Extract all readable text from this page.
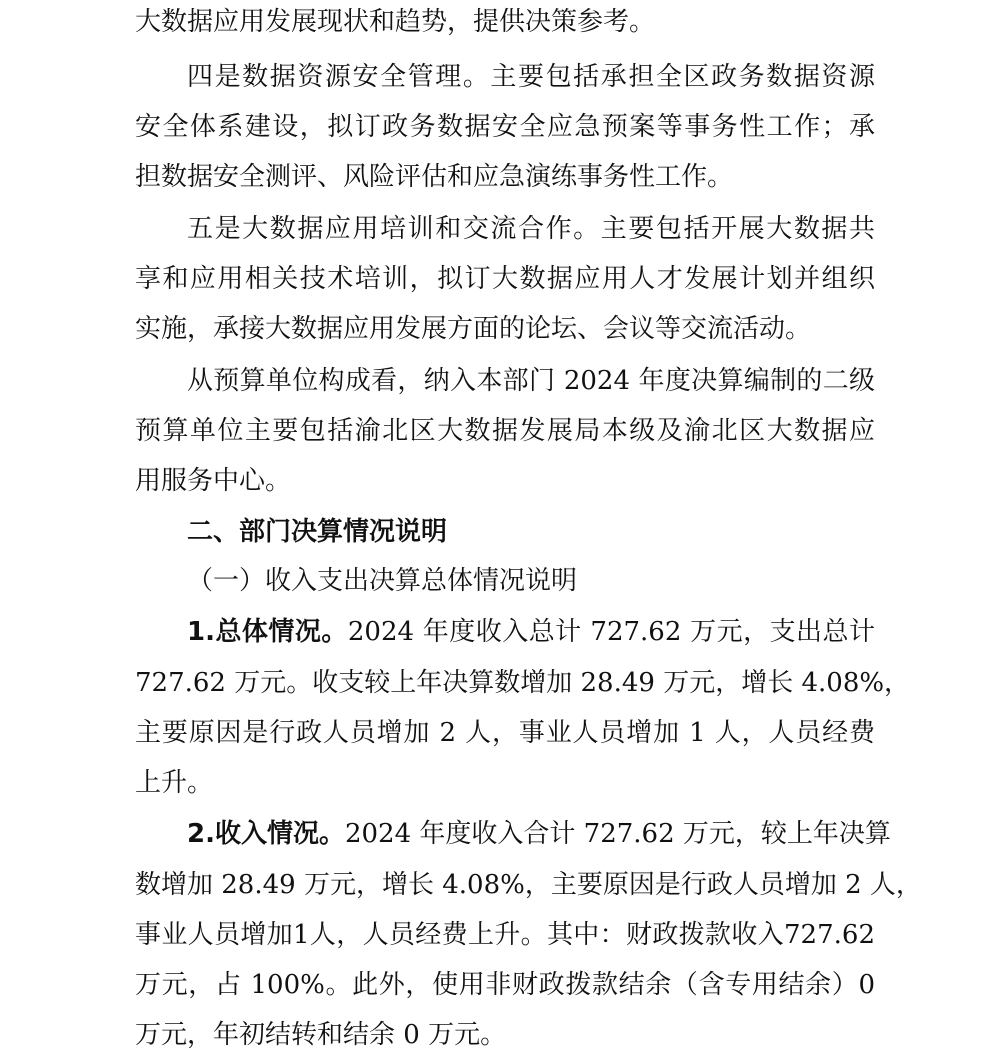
大数据应用发展现状和趋势，提供决策参考。
四是数据资源安全管理。主要包括承担全区政务数据资源
安全体系建设，拟订政务数据安全应急预案等事务性工作；承
担数据安全测评、风险评估和应急演练事务性工作。
五是大数据应用培训和交流合作。主要包括开展大数据共
享和应用相关技术培训，拟订大数据应用人才发展计划并组织
实施，承接大数据应用发展方面的论坛、会议等交流活动。
从预算单位构成看，纳入本部门 2024 年度决算编制的二级
预算单位主要包括渝北区大数据发展局本级及渝北区大数据应
用服务中心。
二、部门决算情况说明
（一）收入支出决算总体情况说明
1.总体情况。2024 年度收入总计 727.62 万元，支出总计
727.62 万元。收支较上年决算数增加 28.49 万元，增长 4.08%，
主要原因是行政人员增加 2 人，事业人员增加 1 人，人员经费
上升。
2.收入情况。2024 年度收入合计 727.62 万元，较上年决算
数增加 28.49 万元，增长 4.08%，主要原因是行政人员增加 2 人，
事业人员增加1人，人员经费上升。其中：财政拨款收入727.62
万元，占 100%。此外，使用非财政拨款结余（含专用结余）0
万元，年初结转和结余 0 万元。
